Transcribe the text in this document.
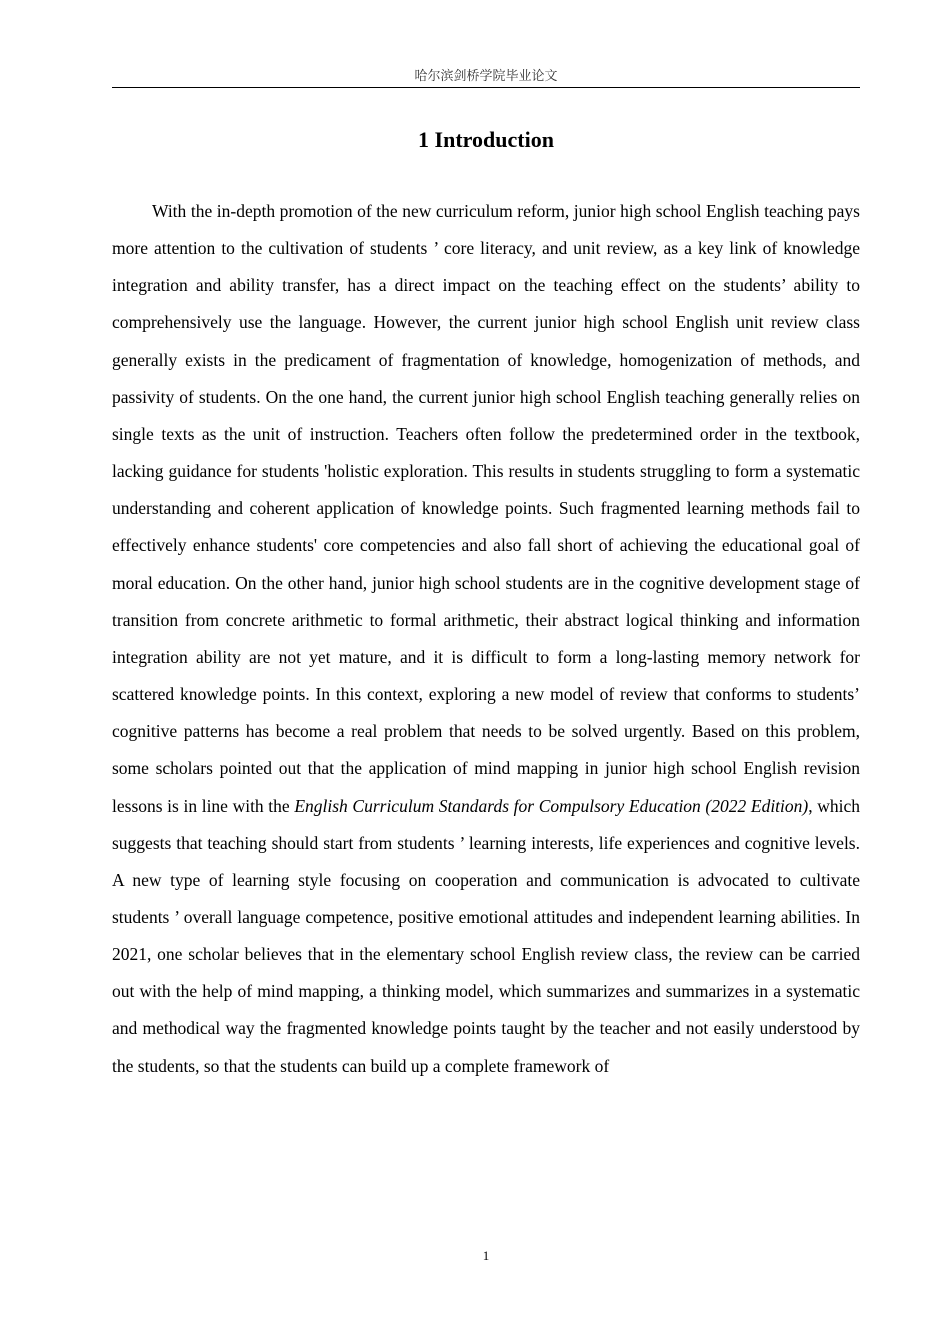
哈尔滨剑桥学院毕业论文
1 Introduction

With the in-depth promotion of the new curriculum reform, junior high school English teaching pays more attention to the cultivation of students ’ core literacy, and unit review, as a key link of knowledge integration and ability transfer, has a direct impact on the teaching effect on the students’ ability to comprehensively use the language. However, the current junior high school English unit review class generally exists in the predicament of fragmentation of knowledge, homogenization of methods, and passivity of students. On the one hand, the current junior high school English teaching generally relies on single texts as the unit of instruction. Teachers often follow the predetermined order in the textbook, lacking guidance for students 'holistic exploration. This results in students struggling to form a systematic understanding and coherent application of knowledge points. Such fragmented learning methods fail to effectively enhance students' core competencies and also fall short of achieving the educational goal of moral education. On the other hand, junior high school students are in the cognitive development stage of transition from concrete arithmetic to formal arithmetic, their abstract logical thinking and information integration ability are not yet mature, and it is difficult to form a long-lasting memory network for scattered knowledge points. In this context, exploring a new model of review that conforms to students’ cognitive patterns has become a real problem that needs to be solved urgently. Based on this problem, some scholars pointed out that the application of mind mapping in junior high school English revision lessons is in line with the English Curriculum Standards for Compulsory Education (2022 Edition), which suggests that teaching should start from students ’ learning interests, life experiences and cognitive levels. A new type of learning style focusing on cooperation and communication is advocated to cultivate students ’ overall language competence, positive emotional attitudes and independent learning abilities. In 2021, one scholar believes that in the elementary school English review class, the review can be carried out with the help of mind mapping, a thinking model, which summarizes and summarizes in a systematic and methodical way the fragmented knowledge points taught by the teacher and not easily understood by the students, so that the students can build up a complete framework of

1
